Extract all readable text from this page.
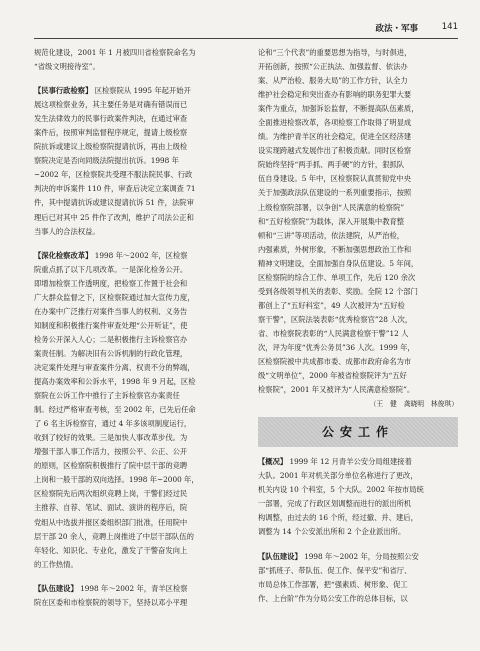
政法・军事	141
规范化建设，2001 年 1 月被四川省检察院命名为
“省级文明接待室”。
【民事行政检察】 区检察院从 1995 年起开始开
展这项检察业务，其主要任务是对确有错误而已
发生法律效力的民事行政案件判决，在通过审查
案件后，按照审判监督程序规定，提请上级检察
院抗诉或建议上级检察院提请抗诉，再由上级检
察院决定是否向同级法院提出抗诉。1998 年
~2002 年，区检察院共受理不服法院民事、行政
判决的申诉案件 110 件，审查后决定立案调查 71
件，其中提请抗诉或建议提请抗诉 51 件，法院审
理后已对其中 25 件作了改判，维护了司法公正和
当事人的合法权益。
【深化检察改革】 1998 年～2002 年，区检察
院重点抓了以下几项改革。一是深化检务公开。
即增加检察工作透明度，把检察工作置于社会和
广大群众监督之下，区检察院通过加大宣传力度，
在办案中广泛推行对案件当事人的权利、义务告
知制度和积极推行案件审查处理“公开听证”，使
检务公开深入人心；二是积极推行主诉检察官办
案责任制。为解决旧有公诉机制的行政化管理，
决定案件处理与审查案件分离、权责不分的弊端，
提高办案效率和公诉水平，1998 年 9 月起，区检
察院在公诉工作中推行了主诉检察官办案责任
制。经过严格审查考核，至 2002 年，已先后任命
了 6 名主诉检察官，通过 4 年多该项制度运行，
收到了较好的效果。三是加快人事改革步伐。为
增强干部人事工作活力，按照公平、公正、公开
的原则，区检察院积极推行了院中层干部的竞聘
上岗和一般干部的双向选择。1998 年~2000 年，
区检察院先后两次组织竞聘上岗，干警们经过民
主推荐、自荐、笔试、面试、演讲的程序后，院
党组从中选拔并报区委组织部门批准，任用院中
层干部 20 余人，竞聘上岗推进了中层干部队伍的
年轻化、知识化、专业化，激发了干警奋发向上
的工作热情。
【队伍建设】 1998 年～2002 年，青羊区检察
院在区委和市检察院的领导下，坚持以邓小平理
论和“三个代表”的重要思想为指导，与时俱进，
开拓创新，按照“公正执法、加强监督、依法办
案、从严治检、服务大局”的工作方针，认全力
维护社会稳定和突出查办有影响的职务犯罪大要
案件为重点，加强诉讼监督，不断提高队伍素质，
全面推进检察改革，各项检察工作取得了明显成
绩。为维护青羊区的社会稳定，促进全区经济建
设实现跨越式发展作出了积极贡献。同时区检察
院始终坚持“两手抓、两手硬”的方针，狠抓队
伍自身建设。5 年中，区检察院认真贯彻党中央
关于加强政法队伍建设的一系列重要指示，按照
上级检察院部署，以争创“人民满意的检察院”
和“五好检察院”为载体，深入开展集中教育整
顿和“三讲”等项活动，依法建院，从严治检，
内强素质，外树形象，不断加强思想政治工作和
精神文明建设，全面加强自身队伍建设。5 年间，
区检察院的综合工作、单项工作，先后 120 余次
受到各级领导机关的表彰、奖励。全院 12 个部门
都创上了“五好科室”，49 人次被评为“五好检
察干警”，区院法装表彰“优秀检察官”28 人次，
省、市检察院表彰的“人民满意检察干警”12 人
次，评为年度“优秀公务员”36 人次。1999 年，
区检察院被中共成都市委、成都市政府命名为市
级“文明单位”，2000 年被省检察院评为“五好
检察院”，2001 年又被评为“人民满意检察院”。
（王　健　龚晓明　林俊琪）
公安工作
【概况】 1999 年 12 月青羊公安分局组建接着
大队。2001 年对机关部分单位名称进行了更改，
机关内设 10 个科室，5 个大队。2002 年按市局统
一部署，完成了行政区划调整而进行的派出所机
构调整，由过去的 16 个所，经过撤、并、建后，
调整为 14 个公安派出所和 2 个企业派出所。
【队伍建设】 1998 年～2002 年，分局按照公安
部“抓班子、带队伍、促工作、保平安”和省厅、
市局总体工作部署，把“强素质、树形象、促工
作、上台阶”作为分局公安工作的总体目标，以
